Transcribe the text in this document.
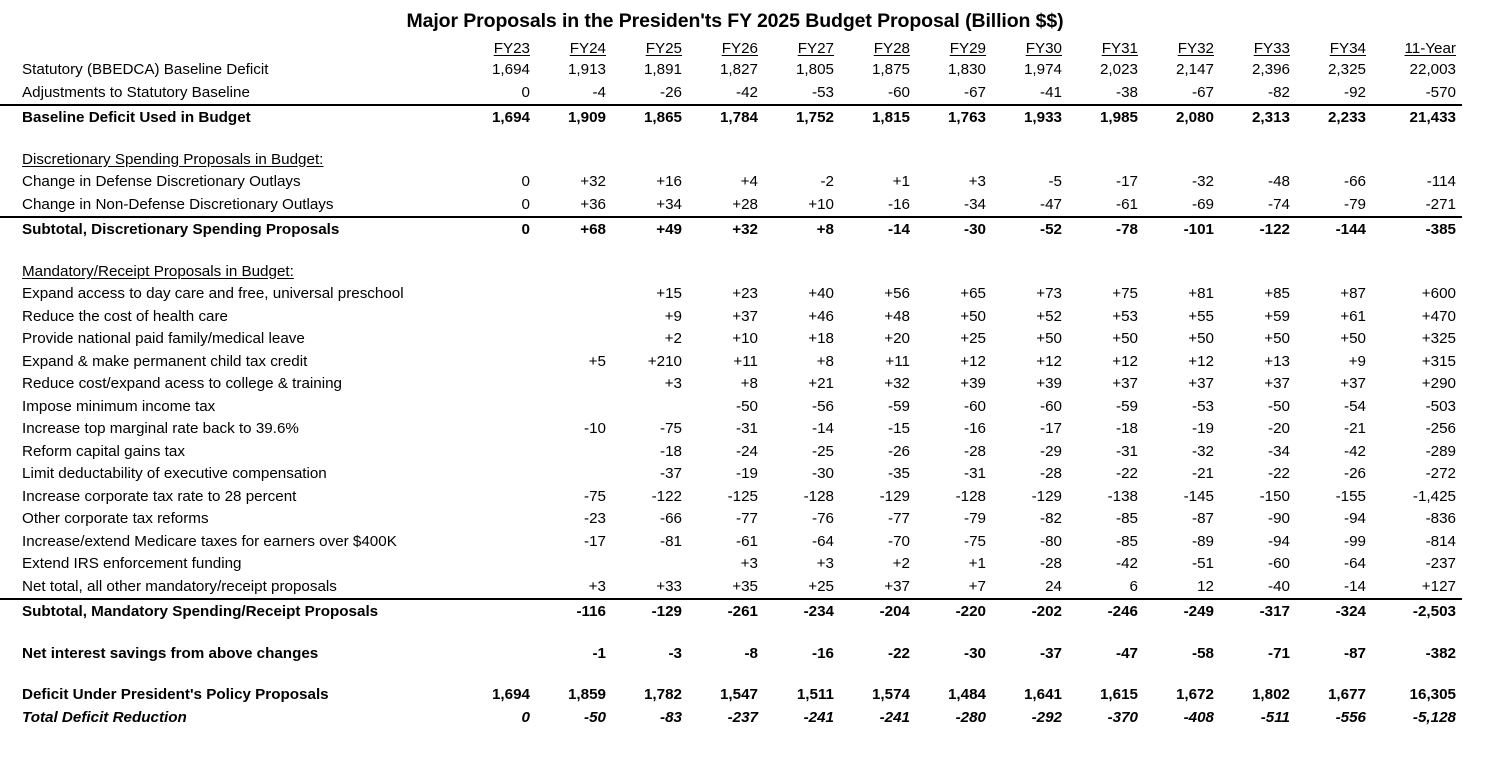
Major Proposals in the Presiden'ts FY 2025 Budget Proposal (Billion $$)
	FY23	FY24	FY25	FY26	FY27	FY28	FY29	FY30	FY31	FY32	FY33	FY34	11-Year
Statutory (BBEDCA) Baseline Deficit	1,694	1,913	1,891	1,827	1,805	1,875	1,830	1,974	2,023	2,147	2,396	2,325	22,003
Adjustments to Statutory Baseline	0	-4	-26	-42	-53	-60	-67	-41	-38	-67	-82	-92	-570
Baseline Deficit Used in Budget	1,694	1,909	1,865	1,784	1,752	1,815	1,763	1,933	1,985	2,080	2,313	2,233	21,433

Discretionary Spending Proposals in Budget:													
Change in Defense Discretionary Outlays	0	+32	+16	+4	-2	+1	+3	-5	-17	-32	-48	-66	-114
Change in Non-Defense Discretionary Outlays	0	+36	+34	+28	+10	-16	-34	-47	-61	-69	-74	-79	-271
Subtotal, Discretionary Spending Proposals	0	+68	+49	+32	+8	-14	-30	-52	-78	-101	-122	-144	-385

Mandatory/Receipt Proposals in Budget:													
Expand access to day care and free, universal preschool			+15	+23	+40	+56	+65	+73	+75	+81	+85	+87	+600
Reduce the cost of health care			+9	+37	+46	+48	+50	+52	+53	+55	+59	+61	+470
Provide national paid family/medical leave			+2	+10	+18	+20	+25	+50	+50	+50	+50	+50	+325
Expand & make permanent child tax credit		+5	+210	+11	+8	+11	+12	+12	+12	+12	+13	+9	+315
Reduce cost/expand acess to college & training			+3	+8	+21	+32	+39	+39	+37	+37	+37	+37	+290
Impose minimum income tax				-50	-56	-59	-60	-60	-59	-53	-50	-54	-503
Increase top marginal rate back to 39.6%		-10	-75	-31	-14	-15	-16	-17	-18	-19	-20	-21	-256
Reform capital gains tax			-18	-24	-25	-26	-28	-29	-31	-32	-34	-42	-289
Limit deductability of executive compensation			-37	-19	-30	-35	-31	-28	-22	-21	-22	-26	-272
Increase corporate tax rate to 28 percent		-75	-122	-125	-128	-129	-128	-129	-138	-145	-150	-155	-1,425
Other corporate tax reforms		-23	-66	-77	-76	-77	-79	-82	-85	-87	-90	-94	-836
Increase/extend Medicare taxes for earners over $400K		-17	-81	-61	-64	-70	-75	-80	-85	-89	-94	-99	-814
Extend IRS enforcement funding				+3	+3	+2	+1	-28	-42	-51	-60	-64	-237
Net total, all other mandatory/receipt proposals		+3	+33	+35	+25	+37	+7	24	6	12	-40	-14	+127
Subtotal, Mandatory Spending/Receipt Proposals		-116	-129	-261	-234	-204	-220	-202	-246	-249	-317	-324	-2,503

Net interest savings from above changes		-1	-3	-8	-16	-22	-30	-37	-47	-58	-71	-87	-382

Deficit Under President's Policy Proposals	1,694	1,859	1,782	1,547	1,511	1,574	1,484	1,641	1,615	1,672	1,802	1,677	16,305
Total Deficit Reduction	0	-50	-83	-237	-241	-241	-280	-292	-370	-408	-511	-556	-5,128
